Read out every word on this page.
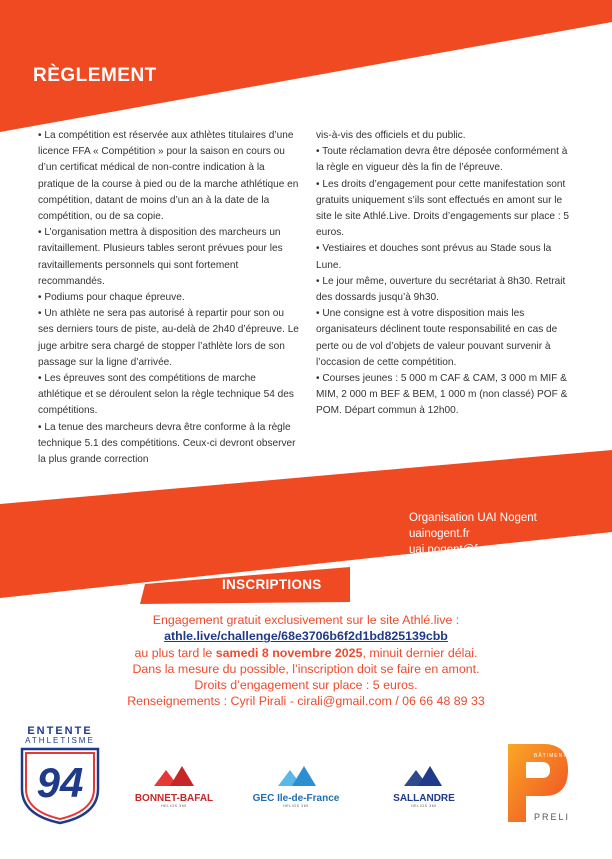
RÈGLEMENT

• La compétition est réservée aux athlètes titulaires d’une licence FFA « Compétition » pour la saison en cours ou d’un certificat médical de non-contre indication à la pratique de la course à pied ou de la marche athlétique en compétition, datant de moins d’un an à la date de la compétition, ou de sa copie.

• L’organisation mettra à disposition des marcheurs un ravitaillement. Plusieurs tables seront prévues pour les ravitaillements personnels qui sont fortement recommandés.

• Podiums pour chaque épreuve.

• Un athlète ne sera pas autorisé à repartir pour son ou ses derniers tours de piste, au-delà de 2h40 d’épreuve. Le juge arbitre sera chargé de stopper l’athlète lors de son passage sur la ligne d’arrivée.

• Les épreuves sont des compétitions de marche athlétique et se déroulent selon la règle technique 54 des compétitions.

• La tenue des marcheurs devra être conforme à la règle technique 5.1 des compétitions. Ceux-ci devront observer la plus grande correction

vis-à-vis des officiels et du public.

• Toute réclamation devra être déposée conformément à la règle en vigueur dès la fin de l’épreuve.

• Les droits d’engagement pour cette manifestation sont gratuits uniquement s’ils sont effectués en amont sur le site le site Athlé.Live. Droits d’engagements sur place : 5 euros.

• Vestiaires et douches sont prévus au Stade sous la Lune.

• Le jour même, ouverture du secrétariat à 8h30. Retrait des dossards jusqu’à 9h30.

• Une consigne est à votre disposition mais les organisateurs déclinent toute responsabilité en cas de perte ou de vol d’objets de valeur pouvant survenir à l’occasion de cette compétition.

• Courses jeunes : 5 000 m CAF & CAM, 3 000 m MIF & MIM, 2 000 m BEF & BEM, 1 000 m (non classé) POF & POM. Départ commun à 12h00.

Organisation UAI Nogent
uainogent.fr
uai.nogent@free.fr
INSCRIPTIONS
Engagement gratuit exclusivement sur le site Athlé.live :
athle.live/challenge/68e3706b6f2d1bd825139cbb
au plus tard le samedi 8 novembre 2025, minuit dernier délai.
Dans la mesure du possible, l’inscription doit se faire en amont.
Droits d’engagement sur place : 5 euros.
Renseignements : Cyril Pirali - cirali@gmail.com / 06 66 48 89 33
ENTENTE
ATHLETISME
94	BONNET-BAFAL
HELIOS 360
GEC Ile-de-France
HELIOS 360
SALLANDRE
HELIOS 360
BÂTIMENT
PRELI
